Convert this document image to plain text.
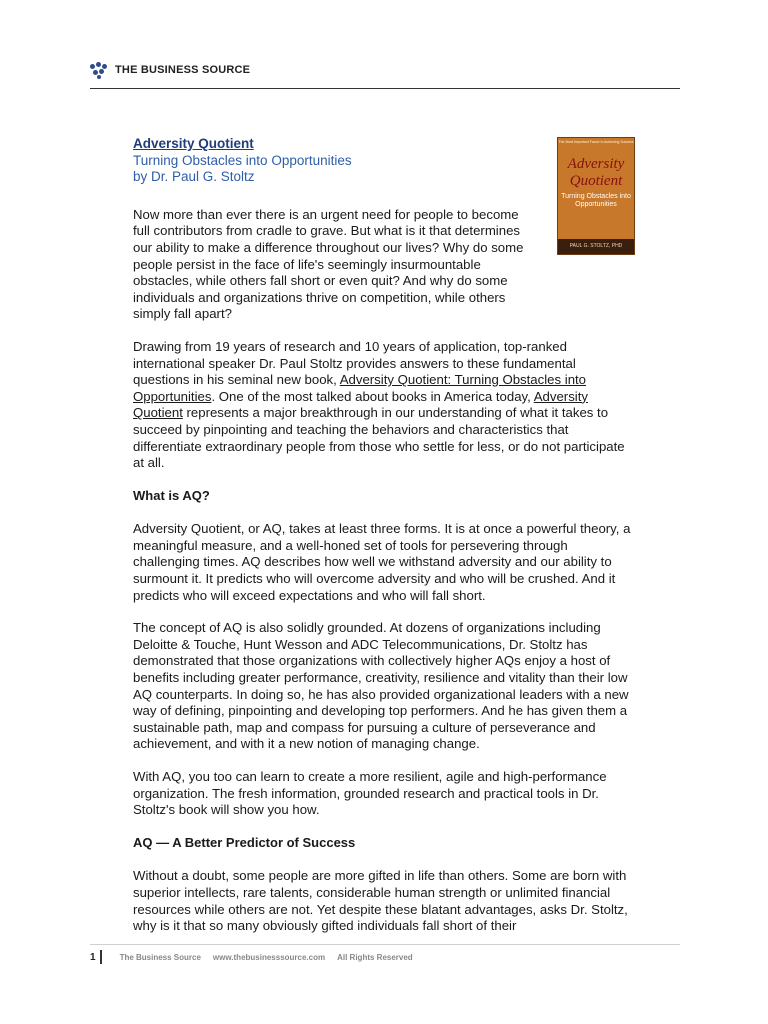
THE BUSINESS SOURCE
The Most Important Factor in Achieving Success
Adversity
Quotient
Turning Obstacles into Opportunities
PAUL G. STOLTZ, PHD
Adversity Quotient
Turning Obstacles into Opportunities
by Dr. Paul G. Stoltz

Now more than ever there is an urgent need for people to become full contributors from cradle to grave. But what is it that determines our ability to make a difference throughout our lives? Why do some people persist in the face of life's seemingly insurmountable obstacles, while others fall short or even quit? And why do some individuals and organizations thrive on competition, while others simply fall apart?

Drawing from 19 years of research and 10 years of application, top-ranked international speaker Dr. Paul Stoltz provides answers to these fundamental questions in his seminal new book, Adversity Quotient: Turning Obstacles into Opportunities. One of the most talked about books in America today, Adversity Quotient represents a major breakthrough in our understanding of what it takes to succeed by pinpointing and teaching the behaviors and characteristics that differentiate extraordinary people from those who settle for less, or do not participate at all.

What is AQ?

Adversity Quotient, or AQ, takes at least three forms. It is at once a powerful theory, a meaningful measure, and a well-honed set of tools for persevering through challenging times. AQ describes how well we withstand adversity and our ability to surmount it. It predicts who will overcome adversity and who will be crushed. And it predicts who will exceed expectations and who will fall short.

The concept of AQ is also solidly grounded. At dozens of organizations including Deloitte & Touche, Hunt Wesson and ADC Telecommunications, Dr. Stoltz has demonstrated that those organizations with collectively higher AQs enjoy a host of benefits including greater performance, creativity, resilience and vitality than their low AQ counterparts. In doing so, he has also provided organizational leaders with a new way of defining, pinpointing and developing top performers. And he has given them a sustainable path, map and compass for pursuing a culture of perseverance and achievement, and with it a new notion of managing change.

With AQ, you too can learn to create a more resilient, agile and high-performance organization. The fresh information, grounded research and practical tools in Dr. Stoltz's book will show you how.

AQ — A Better Predictor of Success

Without a doubt, some people are more gifted in life than others. Some are born with superior intellects, rare talents, considerable human strength or unlimited financial resources while others are not. Yet despite these blatant advantages, asks Dr. Stoltz, why is it that so many obviously gifted individuals fall short of their

1	The Business Source www.thebusinesssource.com All Rights Reserved
